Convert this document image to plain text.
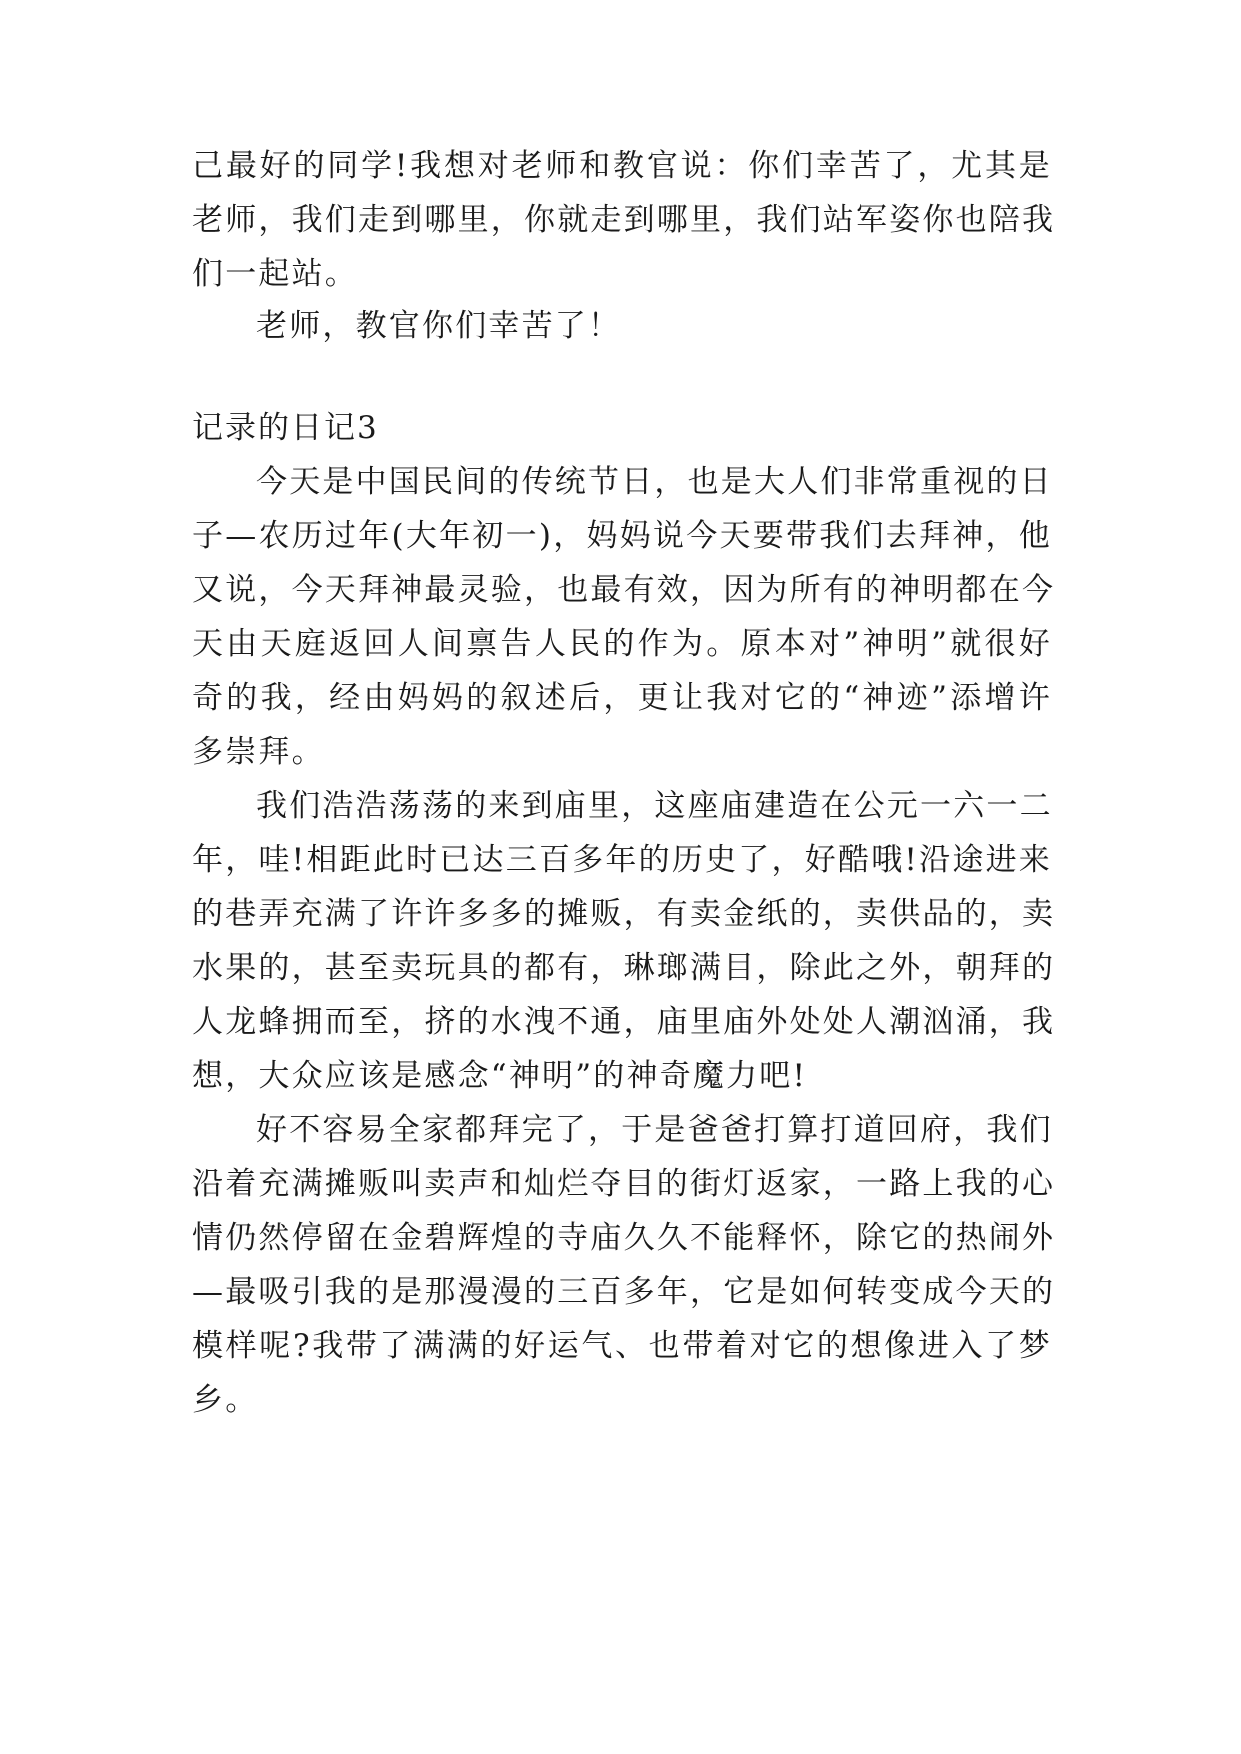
己最好的同学!我想对老师和教官说：你们幸苦了，尤其是
老师，我们走到哪里，你就走到哪里，我们站军姿你也陪我
们一起站。
老师，教官你们幸苦了！
记录的日记3
今天是中国民间的传统节日，也是大人们非常重视的日
子—农历过年(大年初一)，妈妈说今天要带我们去拜神，他
又说，今天拜神最灵验，也最有效，因为所有的神明都在今
天由天庭返回人间禀告人民的作为。原本对”神明”就很好
奇的我，经由妈妈的叙述后，更让我对它的“神迹”添增许
多崇拜。
我们浩浩荡荡的来到庙里，这座庙建造在公元一六一二
年，哇!相距此时已达三百多年的历史了，好酷哦!沿途进来
的巷弄充满了许许多多的摊贩，有卖金纸的，卖供品的，卖
水果的，甚至卖玩具的都有，琳瑯满目，除此之外，朝拜的
人龙蜂拥而至，挤的水洩不通，庙里庙外处处人潮汹涌，我
想，大众应该是感念“神明”的神奇魔力吧!
好不容易全家都拜完了，于是爸爸打算打道回府，我们
沿着充满摊贩叫卖声和灿烂夺目的街灯返家，一路上我的心
情仍然停留在金碧辉煌的寺庙久久不能释怀，除它的热闹外
—最吸引我的是那漫漫的三百多年，它是如何转变成今天的
模样呢?我带了满满的好运气、也带着对它的想像进入了梦
乡。
